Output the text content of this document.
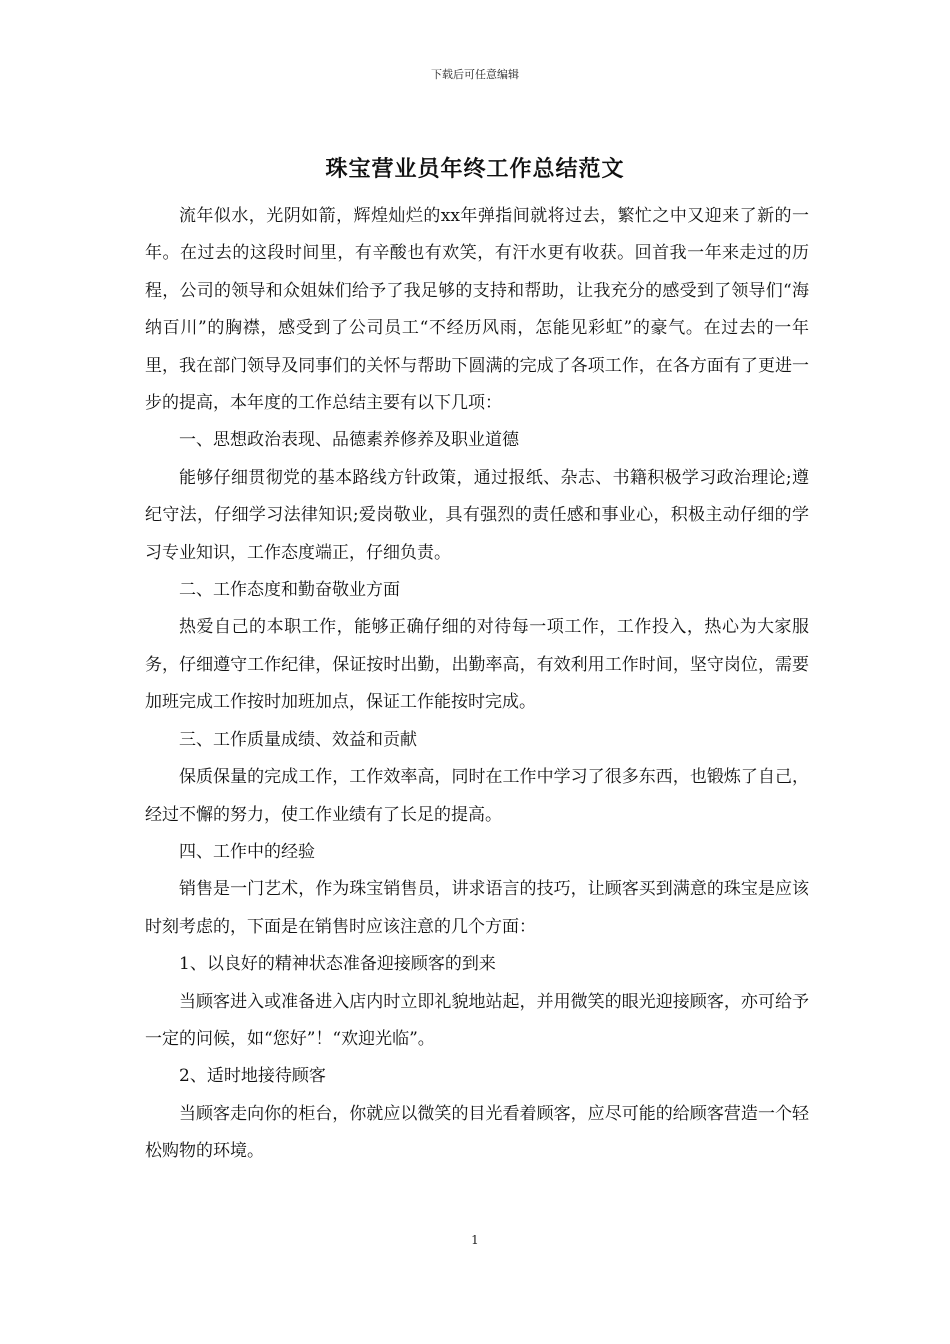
下载后可任意编辑
珠宝营业员年终工作总结范文

流年似水，光阴如箭，辉煌灿烂的xx年弹指间就将过去，繁忙之中又迎来了新的一年。在过去的这段时间里，有辛酸也有欢笑，有汗水更有收获。回首我一年来走过的历程，公司的领导和众姐妹们给予了我足够的支持和帮助，让我充分的感受到了领导们“海纳百川”的胸襟，感受到了公司员工“不经历风雨，怎能见彩虹”的豪气。在过去的一年里，我在部门领导及同事们的关怀与帮助下圆满的完成了各项工作，在各方面有了更进一步的提高，本年度的工作总结主要有以下几项：

一、思想政治表现、品德素养修养及职业道德

能够仔细贯彻党的基本路线方针政策，通过报纸、杂志、书籍积极学习政治理论;遵纪守法，仔细学习法律知识;爱岗敬业，具有强烈的责任感和事业心，积极主动仔细的学习专业知识，工作态度端正，仔细负责。

二、工作态度和勤奋敬业方面

热爱自己的本职工作，能够正确仔细的对待每一项工作，工作投入，热心为大家服务，仔细遵守工作纪律，保证按时出勤，出勤率高，有效利用工作时间，坚守岗位，需要加班完成工作按时加班加点，保证工作能按时完成。

三、工作质量成绩、效益和贡献

保质保量的完成工作，工作效率高，同时在工作中学习了很多东西，也锻炼了自己，经过不懈的努力，使工作业绩有了长足的提高。

四、工作中的经验

销售是一门艺术，作为珠宝销售员，讲求语言的技巧，让顾客买到满意的珠宝是应该时刻考虑的，下面是在销售时应该注意的几个方面：

1、以良好的精神状态准备迎接顾客的到来

当顾客进入或准备进入店内时立即礼貌地站起，并用微笑的眼光迎接顾客，亦可给予一定的问候，如“您好”！“欢迎光临”。

2、适时地接待顾客

当顾客走向你的柜台，你就应以微笑的目光看着顾客，应尽可能的给顾客营造一个轻松购物的环境。

1
